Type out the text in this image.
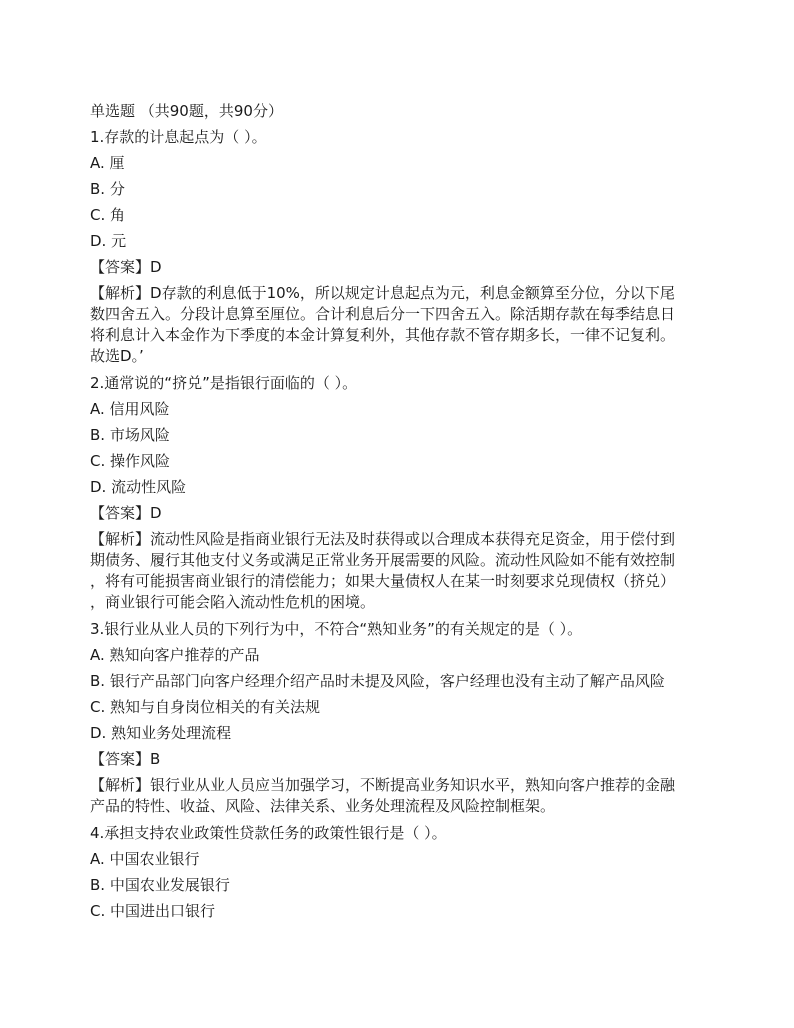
单选题 （共90题，共90分）
1.存款的计息起点为（ ）。
A. 厘
B. 分
C. 角
D. 元
【答案】D
【解析】D存款的利息低于10%，所以规定计息起点为元，利息金额算至分位，分以下尾
数四舍五入。分段计息算至厘位。合计利息后分一下四舍五入。除活期存款在每季结息日
将利息计入本金作为下季度的本金计算复利外，其他存款不管存期多长，一律不记复利。
故选D。’
2.通常说的“挤兑”是指银行面临的（ ）。
A. 信用风险
B. 市场风险
C. 操作风险
D. 流动性风险
【答案】D
【解析】流动性风险是指商业银行无法及时获得或以合理成本获得充足资金，用于偿付到
期债务、履行其他支付义务或满足正常业务开展需要的风险。流动性风险如不能有效控制
，将有可能损害商业银行的清偿能力；如果大量债权人在某一时刻要求兑现债权（挤兑）
，商业银行可能会陷入流动性危机的困境。
3.银行业从业人员的下列行为中，不符合“熟知业务”的有关规定的是（ ）。
A. 熟知向客户推荐的产品
B. 银行产品部门向客户经理介绍产品时未提及风险，客户经理也没有主动了解产品风险
C. 熟知与自身岗位相关的有关法规
D. 熟知业务处理流程
【答案】B
【解析】银行业从业人员应当加强学习，不断提高业务知识水平，熟知向客户推荐的金融
产品的特性、收益、风险、法律关系、业务处理流程及风险控制框架。
4.承担支持农业政策性贷款任务的政策性银行是（ ）。
A. 中国农业银行
B. 中国农业发展银行
C. 中国进出口银行
